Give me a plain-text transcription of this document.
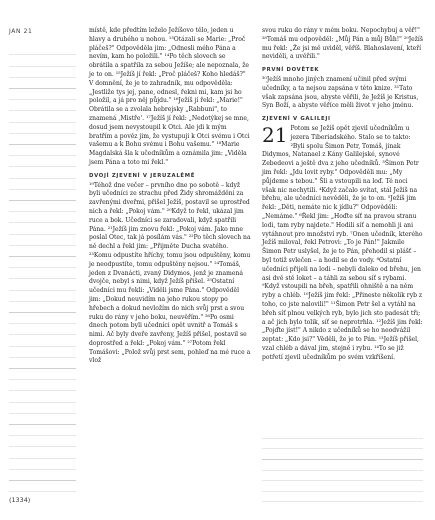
JAN 21
(1334)

místě, kde předtím leželo Ježíšovo tělo, jeden u hlavy a druhého u nohou. ¹³Otázali se Marie: „Proč pláčeš?" Odpověděla jim: „Odnesli mého Pána a nevím, kam ho položili." ¹⁴Po těch slovech se obrátila a spatřila za sebou Ježíše; ale nepoznala, že je to on. ¹⁵Ježíš jí řekl: „Proč pláčeš? Koho hledáš?" V domnění, že je to zahradník, mu odpověděla: „Jestliže tys jej, pane, odnesl, řekni mi, kam jsi ho položil, a já pro něj půjdu." ¹⁶Ježíš jí řekl: „Marie!" Obrátila se a zvolala hebrejsky „Rabbuni", to znamená ‚Mistře'. ¹⁷Ježíš jí řekl: „Nedotýkej se mne, dosud jsem nevystoupil k Otci. Ale jdi k mým bratřím a pověz jim, že vystupuji k Otci svému i Otci vašemu a k Bohu svému i Bohu vašemu." ¹⁸Marie Magdalská šla k učedníkům a oznámila jim: „Viděla jsem Pána a toto mi řekl."

DVOJÍ ZJEVENÍ V JERUZALÉMĚ

¹⁹Téhož dne večer – prvního dne po sobotě – když byli učedníci ze strachu před Židy shromážděni za zavřenými dveřmi, přišel Ježíš, postavil se uprostřed nich a řekl: „Pokoj vám." ²⁰Když to řekl, ukázal jim ruce a bok. Učedníci se zaradovali, když spatřili Pána. ²¹Ježíš jim znovu řekl: „Pokoj vám. Jako mne poslal Otec, tak já posílám vás." ²²Po těch slovech na ně dechl a řekl jim: „Přijměte Ducha svatého. ²³Komu odpustíte hříchy, tomu jsou odpuštěny, komu je neodpustíte, tomu odpuštěny nejsou." ²⁴Tomáš, jeden z Dvanácti, zvaný Didymos, jenž je znamená dvojče, nebyl s nimi, když Ježíš přišel. ²⁵Ostatní učedníci mu řekli: „Viděli jsme Pána." Odpověděl jim: „Dokud neuvidím na jeho rukou stopy po hřebech a dokud nevložím do nich svůj prst a svou ruku do rány v jeho boku, neuvěřím." ²⁶Po osmi dnech potom byli učedníci opět uvnitř a Tomáš s nimi. Ač byly dveře zavřeny, Ježíš přišel, postavil se doprostřed a řekl: „Pokoj vám." ²⁷Potom řekl Tomášovi: „Polož svůj prst sem, pohleď na mé ruce a vlož

svou ruku do rány v mém boku. Nepochybuj a věř!" ²⁸Tomáš mu odpověděl: „Můj Pán a můj Bůh!" ²⁹Ježíš mu řekl: „Že jsi mě uviděl, věříš. Blahoslavení, kteří neviděli, a uvěřili."

PRVNÍ DOVĚTEK

³⁰Ježíš mnoho jiných znamení učinil před svými učedníky, a ta nejsou zapsána v této knize. ³¹Tato však zapsána jsou, abyste věřili, že Ježíš je Kristus, Syn Boží, a abyste věříce měli život v jeho jménu.

ZJEVENÍ V GALILEJI

21 Potom se Ježíš opět zjevil učedníkům u jezera Tiberiadského. Stalo se to takto: ²Byli spolu Šimon Petr, Tomáš, jinak Didymos, Natanael z Kány Galilejské, synové Zebedeovi a ještě dva z jeho učedníků. ³Šimon Petr jim řekl: „Jdu lovit ryby." Odpověděli mu: „My půjdeme s tebou." Šli a vstoupili na loď. Té noci však nic nechytili. ⁴Když začalo svítat, stál Ježíš na břehu, ale učedníci nevěděli, že je to on. ⁵Ježíš jim řekl: „Děti, nemáte nic k jídlu?" Odpověděli: „Nemáme." ⁶Řekl jim: „Hoďte síť na pravou stranu lodi, tam ryby najdete." Hodili síť a nemohli ji ani vytáhnout pro množství ryb. ⁷Onen učedník, kterého Ježíš miloval, řekl Petrovi: „To je Pán!" Jakmile Šimon Petr uslyšel, že je to Pán, přehodil si plášť – byl totiž svlečen – a hodil se do vody. ⁸Ostatní učedníci přijeli na lodi – nebyli daleko od břehu, jen asi dvě stě loket – a táhli za sebou síť s rybami. ⁹Když vstoupili na břeh, spatřili ohniště a na něm ryby a chléb. ¹⁰Ježíš jim řekl: „Přineste několik ryb z toho, co jste nalovili!" ¹¹Šimon Petr šel a vytáhl na břeh síť plnou velkých ryb, bylo jich sto padesát tři; a ač jich bylo tolik, síť se neprotrhla. ¹²Ježíš jim řekl: „Pojďte jíst!" A nikdo z učedníků se ho neodvážil zeptat: „Kdo jsi?" Věděli, že je to Pán. ¹³Ježíš přišel, vzal chléb a dával jim, stejně i rybu. ¹⁴To se již potřetí zjevil učedníkům po svém vzkříšení.
